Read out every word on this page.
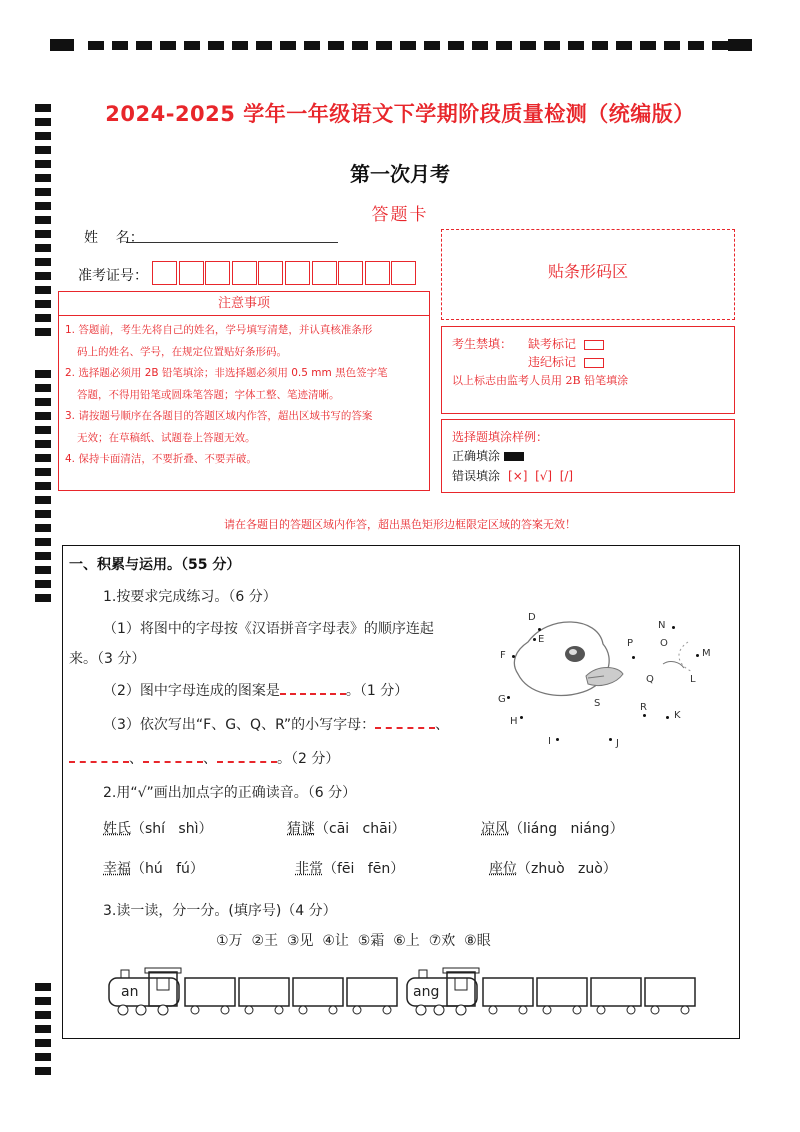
2024-2025 学年一年级语文下学期阶段质量检测（统编版）
第一次月考
答题卡
姓    名：
准考证号：
注意事项

1. 答题前，考生先将自己的姓名，学号填写清楚，并认真核准条形

码上的姓名、学号，在规定位置贴好条形码。

2. 选择题必须用 2B 铅笔填涂；非选择题必须用 0.5 mm 黑色签字笔

答题，不得用铅笔或圆珠笔答题；字体工整、笔迹清晰。

3. 请按题号顺序在各题目的答题区域内作答，超出区域书写的答案

无效；在草稿纸、试题卷上答题无效。

4. 保持卡面清洁，不要折叠、不要弄破。

贴条形码区
考生禁填： 缺考标记
违纪标记
以上标志由监考人员用 2B 铅笔填涂
选择题填涂样例：
正确填涂
错误填涂 [×]  [√]  [/]
请在各题目的答题区域内作答，超出黑色矩形边框限定区域的答案无效！
一、积累与运用。（55 分）
1.按要求完成练习。（6 分）
（1）将图中的字母按《汉语拼音字母表》的顺序连起
来。（3 分）
（2）图中字母连成的图案是	。（1 分）
（3）依次写出“F、G、Q、R”的小写字母：	、
、	、	。（2 分）
D
E
F
G
H
I	J
K
L
M
N
O
P
Q
R
S
2.用“√”画出加点字的正确读音。（6 分）
姓氏（shí   shì）	猜谜（cāi   chāi）	凉风（liáng   niáng）
幸福（hú   fú）	非常（fēi   fēn）	座位（zhuò   zuò）
3.读一读，分一分。(填序号)（4 分）
①万  ②王  ③见  ④让  ⑤霜  ⑥上  ⑦欢  ⑧眼
an	ang
